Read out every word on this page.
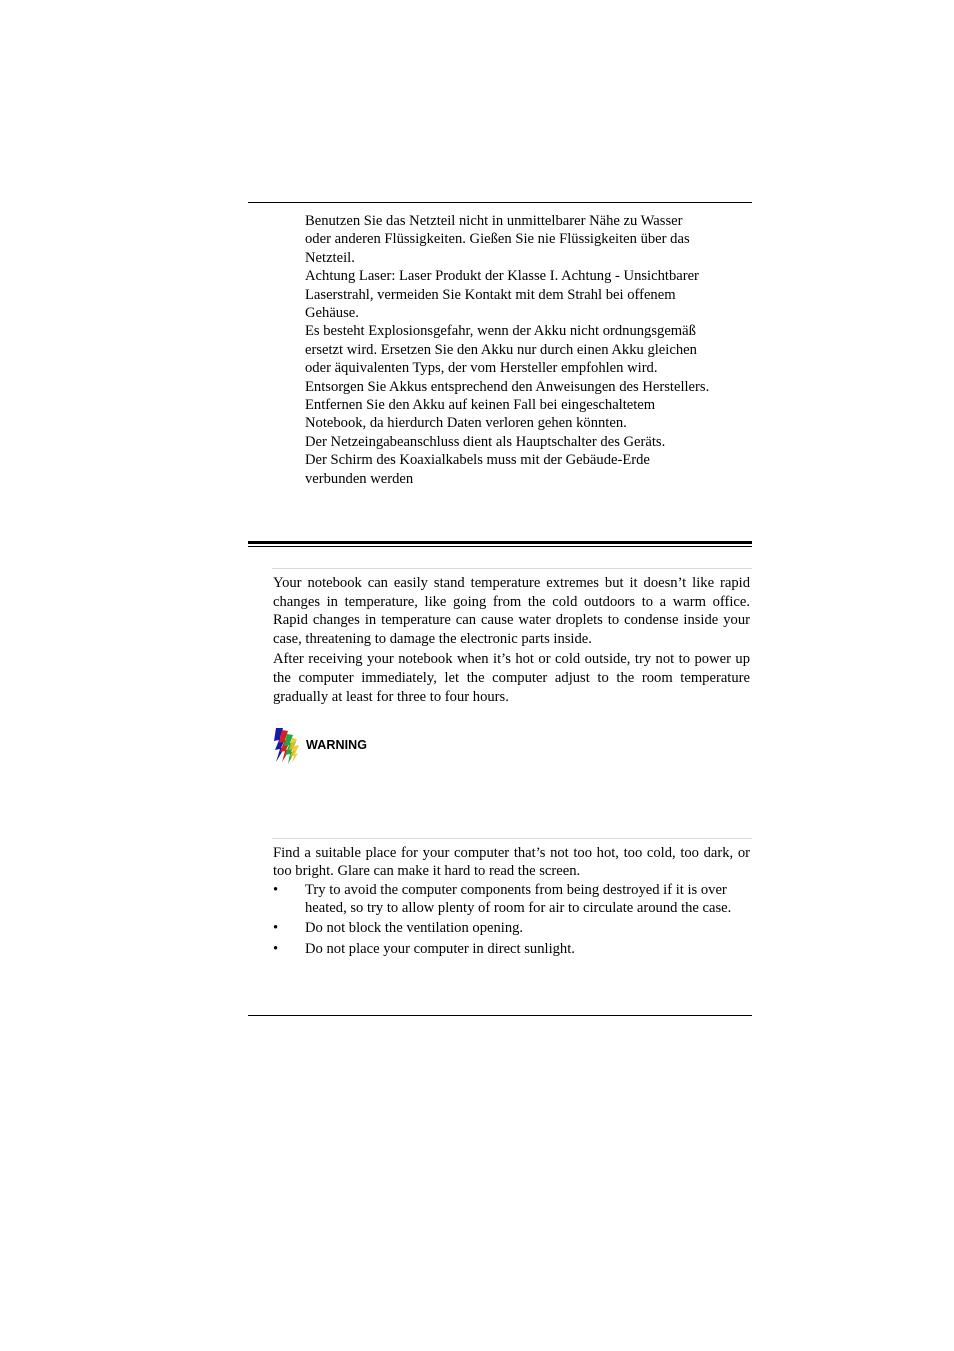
Benutzen Sie das Netzteil nicht in unmittelbarer Nähe zu Wasser
oder anderen Flüssigkeiten. Gießen Sie nie Flüssigkeiten über das
Netzteil.
Achtung Laser: Laser Produkt der Klasse I. Achtung - Unsichtbarer
Laserstrahl, vermeiden Sie Kontakt mit dem Strahl bei offenem
Gehäuse.
Es besteht Explosionsgefahr, wenn der Akku nicht ordnungsgemäß
ersetzt wird. Ersetzen Sie den Akku nur durch einen Akku gleichen
oder äquivalenten Typs, der vom Hersteller empfohlen wird.
Entsorgen Sie Akkus entsprechend den Anweisungen des Herstellers.
Entfernen Sie den Akku auf keinen Fall bei eingeschaltetem
Notebook, da hierdurch Daten verloren gehen könnten.
Der Netzeingabeanschluss dient als Hauptschalter des Geräts.
Der Schirm des Koaxialkabels muss mit der Gebäude-Erde
verbunden werden

Your notebook can easily stand temperature extremes but it doesn’t like rapid changes in temperature, like going from the cold outdoors to a warm office. Rapid changes in temperature can cause water droplets to condense inside your case, threatening to damage the electronic parts inside.

After receiving your notebook when it’s hot or cold outside, try not to power up the computer immediately, let the computer adjust to the room temperature gradually at least for three to four hours.

WARNING

Find a suitable place for your computer that’s not too hot, too cold, too dark, or too bright. Glare can make it hard to read the screen.

• Try to avoid the computer components from being destroyed if it is over heated, so try to allow plenty of room for air to circulate around the case.
• Do not block the ventilation opening.
• Do not place your computer in direct sunlight.
